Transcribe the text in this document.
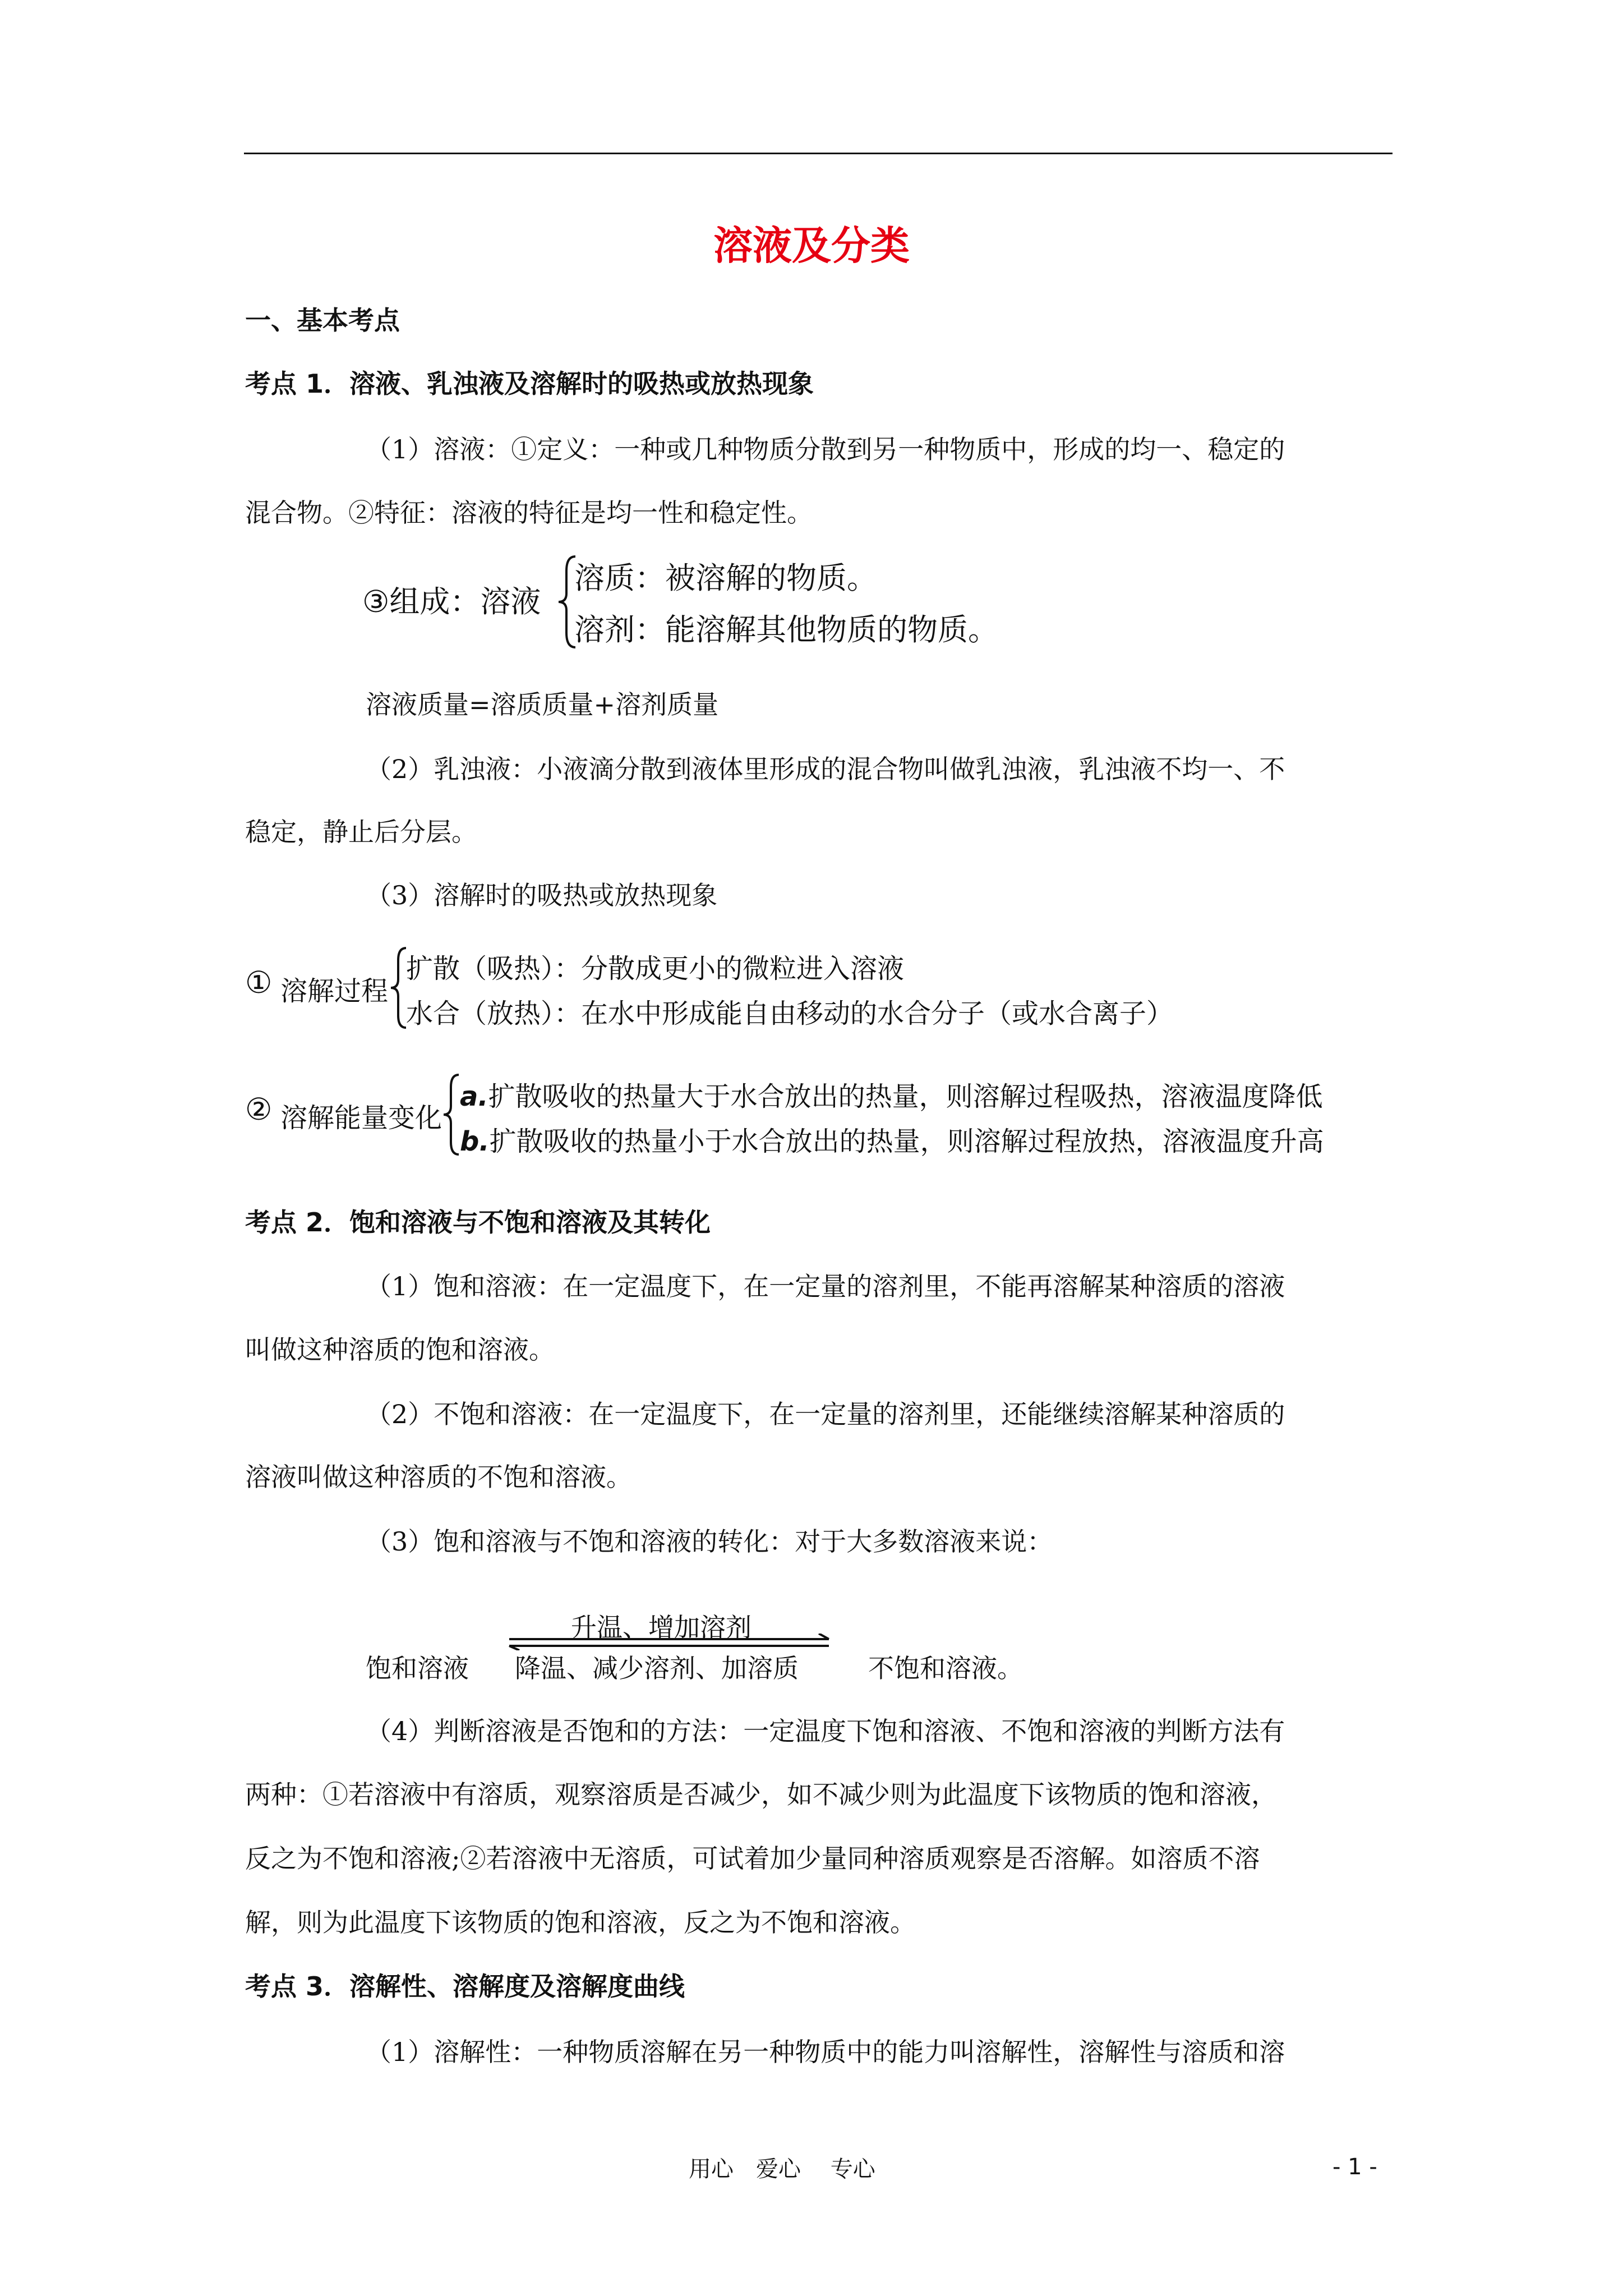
溶液及分类
一、基本考点
考点 1．溶液、乳浊液及溶解时的吸热或放热现象
（1）溶液：①定义：一种或几种物质分散到另一种物质中，形成的均一、稳定的
混合物。②特征：溶液的特征是均一性和稳定性。
③组成：溶液
溶质：被溶解的物质。
溶剂：能溶解其他物质的物质。
溶液质量=溶质质量+溶剂质量
（2）乳浊液：小液滴分散到液体里形成的混合物叫做乳浊液，乳浊液不均一、不
稳定，静止后分层。
（3）溶解时的吸热或放热现象
① 溶解过程
扩散（吸热）：分散成更小的微粒进入溶液
水合（放热）：在水中形成能自由移动的水合分子（或水合离子）
② 溶解能量变化
a.扩散吸收的热量大于水合放出的热量，则溶解过程吸热，溶液温度降低
b.扩散吸收的热量小于水合放出的热量，则溶解过程放热，溶液温度升高
考点 2．饱和溶液与不饱和溶液及其转化
（1）饱和溶液：在一定温度下，在一定量的溶剂里，不能再溶解某种溶质的溶液
叫做这种溶质的饱和溶液。
（2）不饱和溶液：在一定温度下，在一定量的溶剂里，还能继续溶解某种溶质的
溶液叫做这种溶质的不饱和溶液。
（3）饱和溶液与不饱和溶液的转化：对于大多数溶液来说：
饱和溶液
升温、增加溶剂
降温、减少溶剂、加溶质	不饱和溶液。
（4）判断溶液是否饱和的方法：一定温度下饱和溶液、不饱和溶液的判断方法有
两种：①若溶液中有溶质，观察溶质是否减少，如不减少则为此温度下该物质的饱和溶液，
反之为不饱和溶液;②若溶液中无溶质，可试着加少量同种溶质观察是否溶解。如溶质不溶
解，则为此温度下该物质的饱和溶液，反之为不饱和溶液。
考点 3．溶解性、溶解度及溶解度曲线
（1）溶解性：一种物质溶解在另一种物质中的能力叫溶解性，溶解性与溶质和溶
用心　爱心　 专心	- 1 -
